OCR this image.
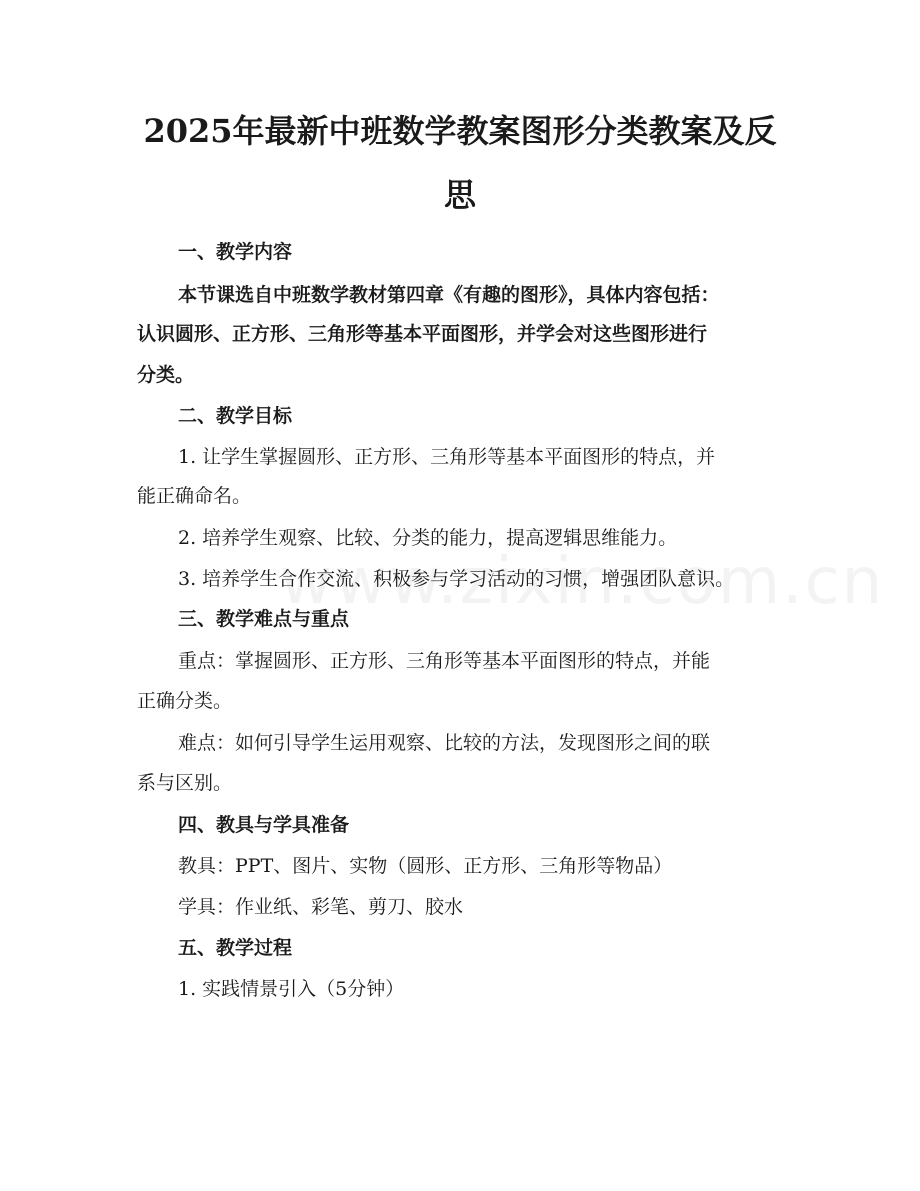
2025年最新中班数学教案图形分类教案及反
思
一、教学内容
本节课选自中班数学教材第四章《有趣的图形》，具体内容包括：
认识圆形、正方形、三角形等基本平面图形，并学会对这些图形进行
分类。
二、教学目标
1. 让学生掌握圆形、正方形、三角形等基本平面图形的特点，并
能正确命名。
2. 培养学生观察、比较、分类的能力，提高逻辑思维能力。
3. 培养学生合作交流、积极参与学习活动的习惯，增强团队意识。
三、教学难点与重点
重点：掌握圆形、正方形、三角形等基本平面图形的特点，并能
正确分类。
难点：如何引导学生运用观察、比较的方法，发现图形之间的联
系与区别。
四、教具与学具准备
教具：PPT、图片、实物（圆形、正方形、三角形等物品）
学具：作业纸、彩笔、剪刀、胶水
五、教学过程
1. 实践情景引入（5分钟）
